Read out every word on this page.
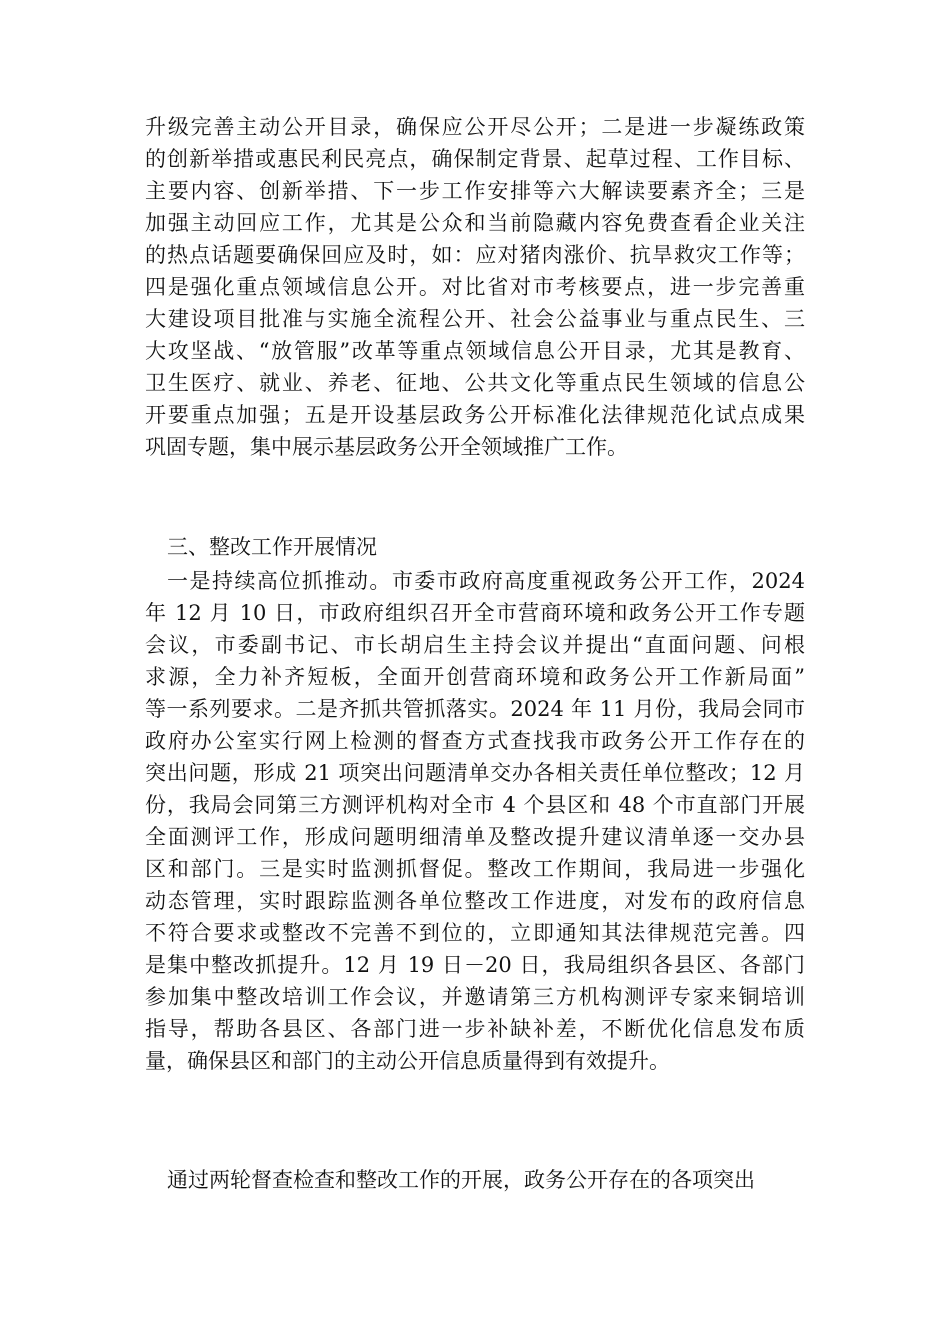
升级完善主动公开目录，确保应公开尽公开；二是进一步凝练政策
的创新举措或惠民利民亮点，确保制定背景、起草过程、工作目标、
主要内容、创新举措、下一步工作安排等六大解读要素齐全；三是
加强主动回应工作，尤其是公众和当前隐藏内容免费查看企业关注
的热点话题要确保回应及时，如：应对猪肉涨价、抗旱救灾工作等；
四是强化重点领域信息公开。对比省对市考核要点，进一步完善重
大建设项目批准与实施全流程公开、社会公益事业与重点民生、三
大攻坚战、“放管服”改革等重点领域信息公开目录，尤其是教育、
卫生医疗、就业、养老、征地、公共文化等重点民生领域的信息公
开要重点加强；五是开设基层政务公开标准化法律规范化试点成果
巩固专题，集中展示基层政务公开全领域推广工作。
三、整改工作开展情况
一是持续高位抓推动。市委市政府高度重视政务公开工作，2024
年 12 月 10 日，市政府组织召开全市营商环境和政务公开工作专题
会议，市委副书记、市长胡启生主持会议并提出“直面问题、问根
求源，全力补齐短板，全面开创营商环境和政务公开工作新局面”
等一系列要求。二是齐抓共管抓落实。2024 年 11 月份，我局会同市
政府办公室实行网上检测的督查方式查找我市政务公开工作存在的
突出问题，形成 21 项突出问题清单交办各相关责任单位整改；12 月
份，我局会同第三方测评机构对全市 4 个县区和 48 个市直部门开展
全面测评工作，形成问题明细清单及整改提升建议清单逐一交办县
区和部门。三是实时监测抓督促。整改工作期间，我局进一步强化
动态管理，实时跟踪监测各单位整改工作进度，对发布的政府信息
不符合要求或整改不完善不到位的，立即通知其法律规范完善。四
是集中整改抓提升。12 月 19 日－20 日，我局组织各县区、各部门
参加集中整改培训工作会议，并邀请第三方机构测评专家来铜培训
指导，帮助各县区、各部门进一步补缺补差，不断优化信息发布质
量，确保县区和部门的主动公开信息质量得到有效提升。
通过两轮督查检查和整改工作的开展，政务公开存在的各项突出
